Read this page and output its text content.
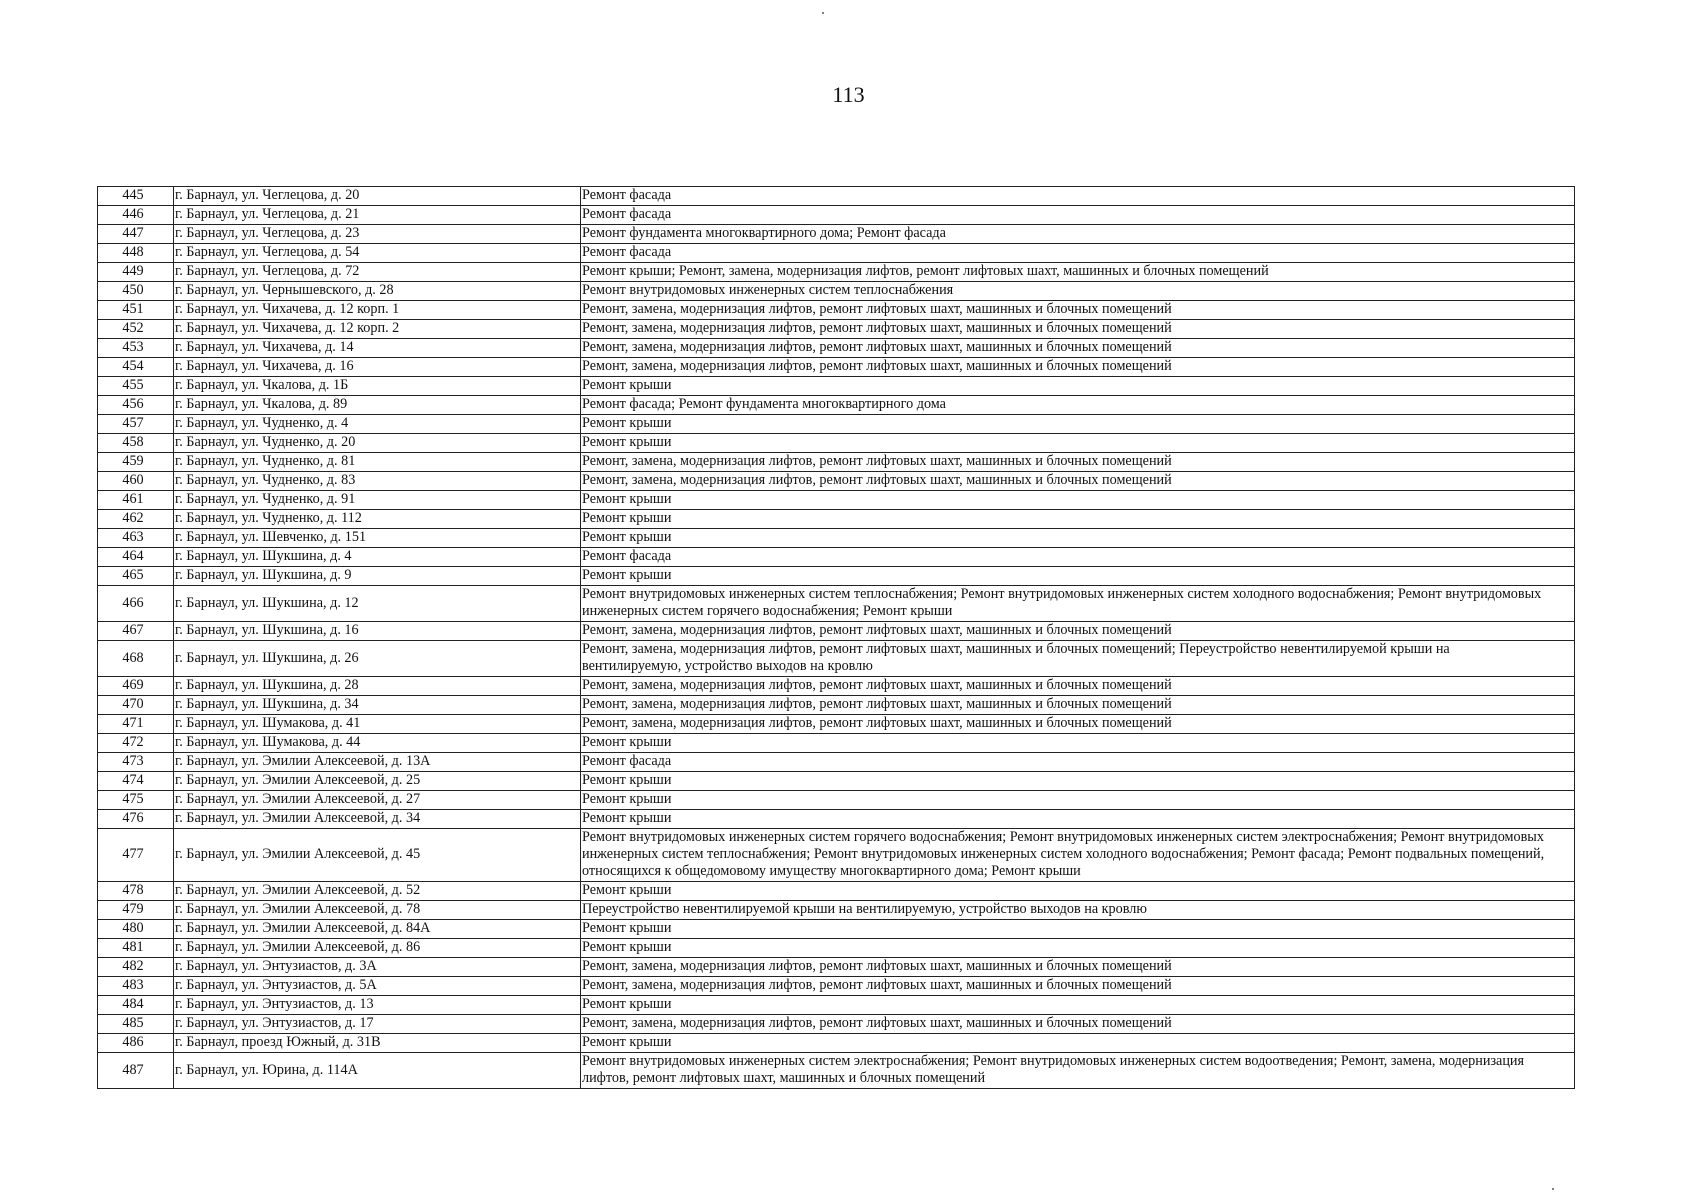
113
445	г. Барнаул, ул. Чеглецова, д. 20	Ремонт фасада
446	г. Барнаул, ул. Чеглецова, д. 21	Ремонт фасада
447	г. Барнаул, ул. Чеглецова, д. 23	Ремонт фундамента многоквартирного дома; Ремонт фасада
448	г. Барнаул, ул. Чеглецова, д. 54	Ремонт фасада
449	г. Барнаул, ул. Чеглецова, д. 72	Ремонт крыши; Ремонт, замена, модернизация лифтов, ремонт лифтовых шахт, машинных и блочных помещений
450	г. Барнаул, ул. Чернышевского, д. 28	Ремонт внутридомовых инженерных систем теплоснабжения
451	г. Барнаул, ул. Чихачева, д. 12 корп. 1	Ремонт, замена, модернизация лифтов, ремонт лифтовых шахт, машинных и блочных помещений
452	г. Барнаул, ул. Чихачева, д. 12 корп. 2	Ремонт, замена, модернизация лифтов, ремонт лифтовых шахт, машинных и блочных помещений
453	г. Барнаул, ул. Чихачева, д. 14	Ремонт, замена, модернизация лифтов, ремонт лифтовых шахт, машинных и блочных помещений
454	г. Барнаул, ул. Чихачева, д. 16	Ремонт, замена, модернизация лифтов, ремонт лифтовых шахт, машинных и блочных помещений
455	г. Барнаул, ул. Чкалова, д. 1Б	Ремонт крыши
456	г. Барнаул, ул. Чкалова, д. 89	Ремонт фасада; Ремонт фундамента многоквартирного дома
457	г. Барнаул, ул. Чудненко, д. 4	Ремонт крыши
458	г. Барнаул, ул. Чудненко, д. 20	Ремонт крыши
459	г. Барнаул, ул. Чудненко, д. 81	Ремонт, замена, модернизация лифтов, ремонт лифтовых шахт, машинных и блочных помещений
460	г. Барнаул, ул. Чудненко, д. 83	Ремонт, замена, модернизация лифтов, ремонт лифтовых шахт, машинных и блочных помещений
461	г. Барнаул, ул. Чудненко, д. 91	Ремонт крыши
462	г. Барнаул, ул. Чудненко, д. 112	Ремонт крыши
463	г. Барнаул, ул. Шевченко, д. 151	Ремонт крыши
464	г. Барнаул, ул. Шукшина, д. 4	Ремонт фасада
465	г. Барнаул, ул. Шукшина, д. 9	Ремонт крыши
466	г. Барнаул, ул. Шукшина, д. 12	Ремонт внутридомовых инженерных систем теплоснабжения; Ремонт внутридомовых инженерных систем холодного водоснабжения; Ремонт внутридомовых инженерных систем горячего водоснабжения; Ремонт крыши
467	г. Барнаул, ул. Шукшина, д. 16	Ремонт, замена, модернизация лифтов, ремонт лифтовых шахт, машинных и блочных помещений
468	г. Барнаул, ул. Шукшина, д. 26	Ремонт, замена, модернизация лифтов, ремонт лифтовых шахт, машинных и блочных помещений; Переустройство невентилируемой крыши на вентилируемую, устройство выходов на кровлю
469	г. Барнаул, ул. Шукшина, д. 28	Ремонт, замена, модернизация лифтов, ремонт лифтовых шахт, машинных и блочных помещений
470	г. Барнаул, ул. Шукшина, д. 34	Ремонт, замена, модернизация лифтов, ремонт лифтовых шахт, машинных и блочных помещений
471	г. Барнаул, ул. Шумакова, д. 41	Ремонт, замена, модернизация лифтов, ремонт лифтовых шахт, машинных и блочных помещений
472	г. Барнаул, ул. Шумакова, д. 44	Ремонт крыши
473	г. Барнаул, ул. Эмилии Алексеевой, д. 13А	Ремонт фасада
474	г. Барнаул, ул. Эмилии Алексеевой, д. 25	Ремонт крыши
475	г. Барнаул, ул. Эмилии Алексеевой, д. 27	Ремонт крыши
476	г. Барнаул, ул. Эмилии Алексеевой, д. 34	Ремонт крыши
477	г. Барнаул, ул. Эмилии Алексеевой, д. 45	Ремонт внутридомовых инженерных систем горячего водоснабжения; Ремонт внутридомовых инженерных систем электроснабжения; Ремонт внутридомовых инженерных систем теплоснабжения; Ремонт внутридомовых инженерных систем холодного водоснабжения; Ремонт фасада; Ремонт подвальных помещений, относящихся к общедомовому имуществу многоквартирного дома; Ремонт крыши
478	г. Барнаул, ул. Эмилии Алексеевой, д. 52	Ремонт крыши
479	г. Барнаул, ул. Эмилии Алексеевой, д. 78	Переустройство невентилируемой крыши на вентилируемую, устройство выходов на кровлю
480	г. Барнаул, ул. Эмилии Алексеевой, д. 84А	Ремонт крыши
481	г. Барнаул, ул. Эмилии Алексеевой, д. 86	Ремонт крыши
482	г. Барнаул, ул. Энтузиастов, д. 3А	Ремонт, замена, модернизация лифтов, ремонт лифтовых шахт, машинных и блочных помещений
483	г. Барнаул, ул. Энтузиастов, д. 5А	Ремонт, замена, модернизация лифтов, ремонт лифтовых шахт, машинных и блочных помещений
484	г. Барнаул, ул. Энтузиастов, д. 13	Ремонт крыши
485	г. Барнаул, ул. Энтузиастов, д. 17	Ремонт, замена, модернизация лифтов, ремонт лифтовых шахт, машинных и блочных помещений
486	г. Барнаул, проезд Южный, д. 31В	Ремонт крыши
487	г. Барнаул, ул. Юрина, д. 114А	Ремонт внутридомовых инженерных систем электроснабжения; Ремонт внутридомовых инженерных систем водоотведения; Ремонт, замена, модернизация лифтов, ремонт лифтовых шахт, машинных и блочных помещений
